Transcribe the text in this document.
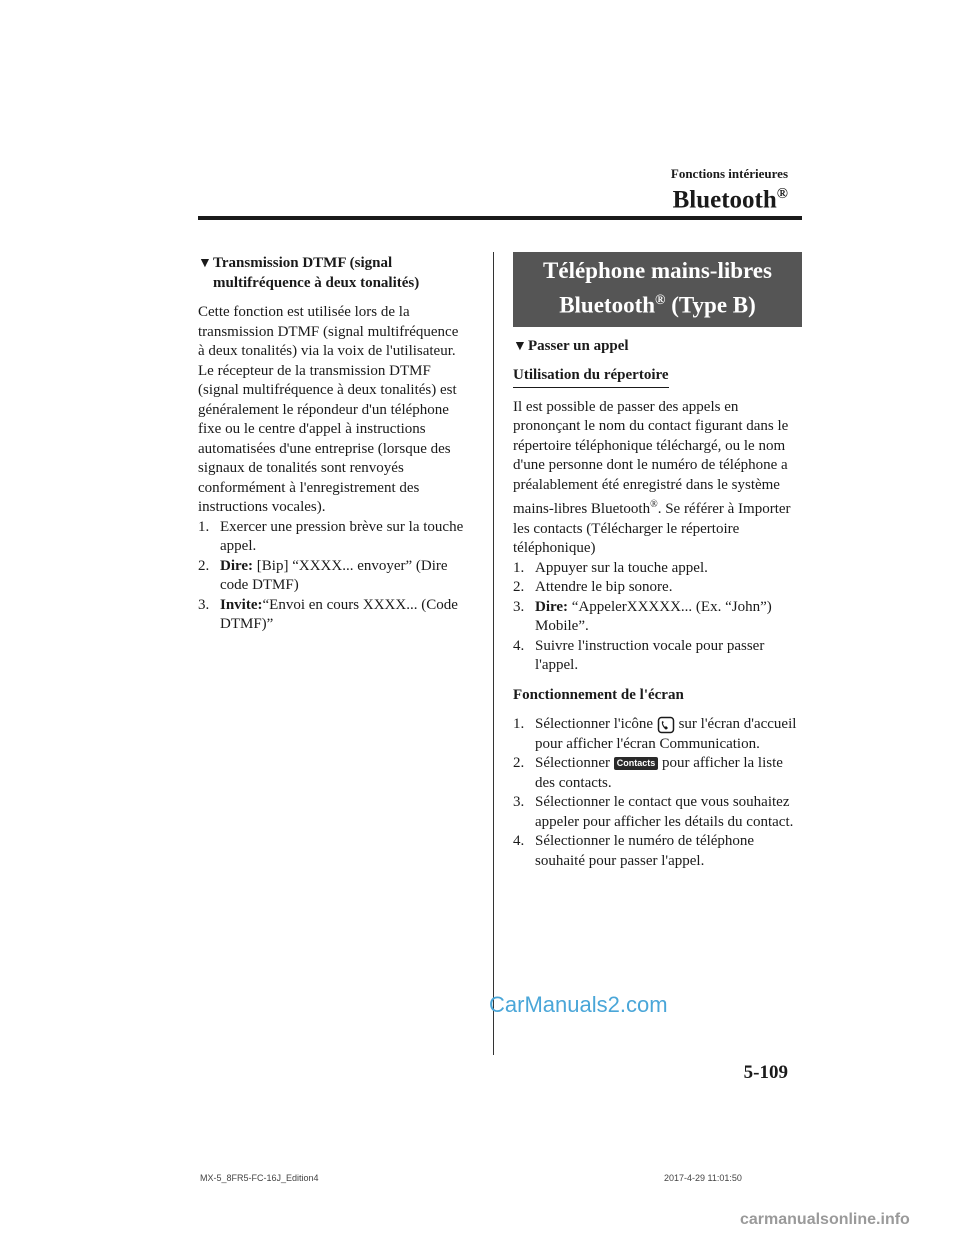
Fonctions intérieures
Bluetooth®
▼ Transmission DTMF (signal
multifréquence à deux tonalités)

Cette fonction est utilisée lors de la transmission DTMF (signal multifréquence à deux tonalités) via la voix de l'utilisateur. Le récepteur de la transmission DTMF (signal multifréquence à deux tonalités) est généralement le répondeur d'un téléphone fixe ou le centre d'appel à instructions automatisées d'une entreprise (lorsque des signaux de tonalités sont renvoyés conformément à l'enregistrement des instructions vocales).

1. Exercer une pression brève sur la touche appel.
2. Dire: [Bip] “XXXX... envoyer” (Dire code DTMF)
3. Invite:“Envoi en cours XXXX... (Code DTMF)”
Téléphone mains-libres
Bluetooth® (Type B)
▼ Passer un appel
Utilisation du répertoire

Il est possible de passer des appels en prononçant le nom du contact figurant dans le répertoire téléphonique téléchargé, ou le nom d'une personne dont le numéro de téléphone a préalablement été enregistré dans le système mains-libres Bluetooth®. Se référer à Importer les contacts (Télécharger le répertoire téléphonique)

1. Appuyer sur la touche appel.
2. Attendre le bip sonore.
3. Dire: “AppelerXXXXX... (Ex. “John”) Mobile”.
4. Suivre l'instruction vocale pour passer l'appel.

Fonctionnement de l'écran

1. Sélectionner l'icône  sur l'écran d'accueil pour afficher l'écran Communication.
2. Sélectionner Contacts pour afficher la liste des contacts.
3. Sélectionner le contact que vous souhaitez appeler pour afficher les détails du contact.
4. Sélectionner le numéro de téléphone souhaité pour passer l'appel.
CarManuals2.com
5-109
MX-5_8FR5-FC-16J_Edition4	2017-4-29 11:01:50
carmanualsonline.info
